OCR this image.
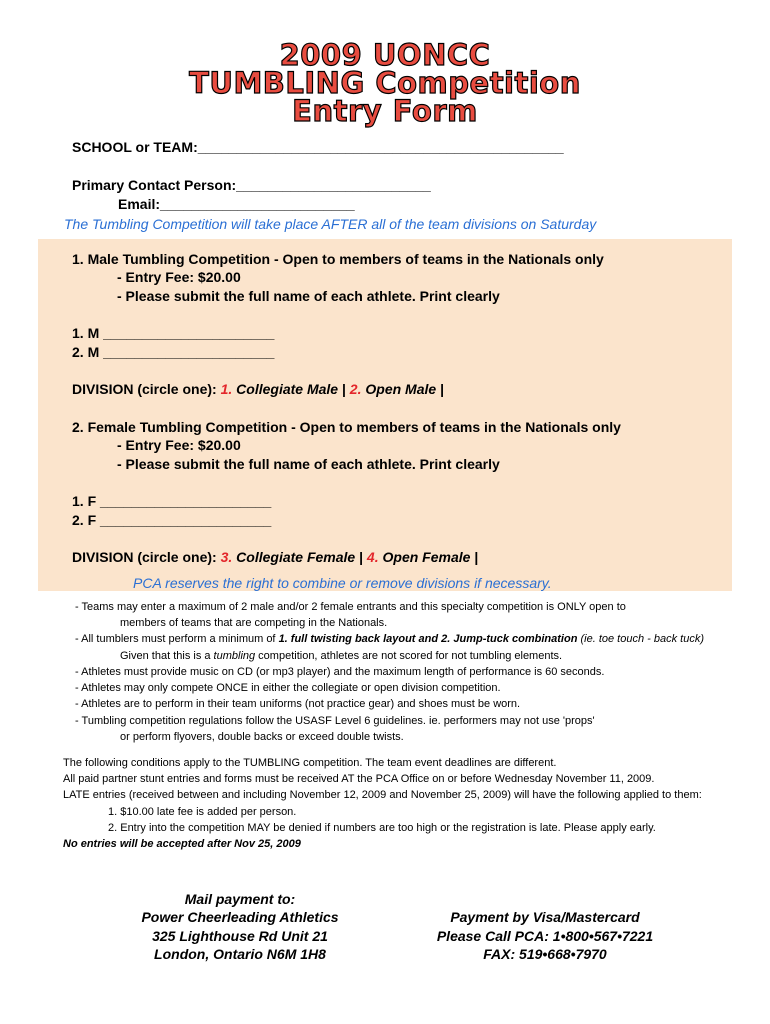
2009 UONCC
TUMBLING Competition
Entry Form
SCHOOL or TEAM:_______________________________________________
Primary Contact Person:_________________________
Email:_________________________
The Tumbling Competition will take place AFTER all of the team divisions on Saturday
1. Male Tumbling Competition - Open to members of teams in the Nationals only
- Entry Fee: $20.00
- Please submit the full name of each athlete. Print clearly
1. M ______________________
2. M ______________________
DIVISION (circle one): 1. Collegiate Male | 2. Open Male |
2. Female Tumbling Competition - Open to members of teams in the Nationals only
- Entry Fee: $20.00
- Please submit the full name of each athlete. Print clearly
1. F ______________________
2. F ______________________
DIVISION (circle one): 3. Collegiate Female | 4. Open Female |
PCA reserves the right to combine or remove divisions if necessary.
- Teams may enter a maximum of 2 male and/or 2 female entrants and this specialty competition is ONLY open to
members of teams that are competing in the Nationals.
- All tumblers must perform a minimum of 1. full twisting back layout and 2. Jump-tuck combination (ie. toe touch - back tuck)
Given that this is a tumbling competition, athletes are not scored for not tumbling elements.
- Athletes must provide music on CD (or mp3 player) and the maximum length of performance is 60 seconds.
- Athletes may only compete ONCE in either the collegiate or open division competition.
- Athletes are to perform in their team uniforms (not practice gear) and shoes must be worn.
- Tumbling competition regulations follow the USASF Level 6 guidelines. ie. performers may not use 'props'
or perform flyovers, double backs or exceed double twists.
The following conditions apply to the TUMBLING competition. The team event deadlines are different.
All paid partner stunt entries and forms must be received AT the PCA Office on or before Wednesday November 11, 2009.
LATE entries (received between and including November 12, 2009 and November 25, 2009) will have the following applied to them:
1. $10.00 late fee is added per person.
2. Entry into the competition MAY be denied if numbers are too high or the registration is late. Please apply early.
No entries will be accepted after Nov 25, 2009
Mail payment to:
Power Cheerleading Athletics
325 Lighthouse Rd Unit 21
London, Ontario N6M 1H8
Payment by Visa/Mastercard
Please Call PCA: 1•800•567•7221
FAX: 519•668•7970
